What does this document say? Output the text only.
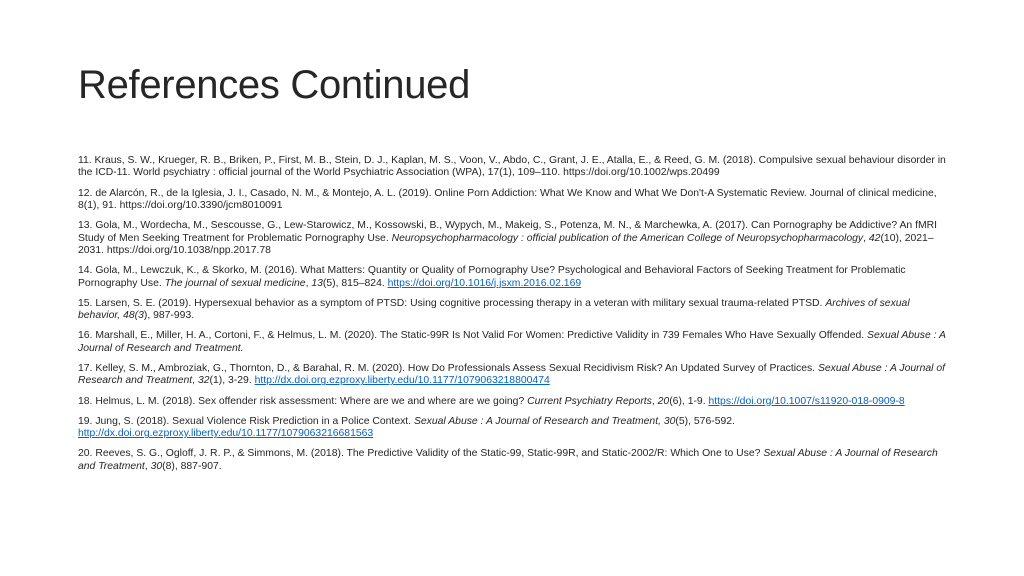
References Continued

11. Kraus, S. W., Krueger, R. B., Briken, P., First, M. B., Stein, D. J., Kaplan, M. S., Voon, V., Abdo, C., Grant, J. E., Atalla, E., & Reed, G. M. (2018). Compulsive sexual behaviour disorder in the ICD-11. World psychiatry : official journal of the World Psychiatric Association (WPA), 17(1), 109–110. https://doi.org/10.1002/wps.20499

12. de Alarcón, R., de la Iglesia, J. I., Casado, N. M., & Montejo, A. L. (2019). Online Porn Addiction: What We Know and What We Don't-A Systematic Review. Journal of clinical medicine, 8(1), 91. https://doi.org/10.3390/jcm8010091

13. Gola, M., Wordecha, M., Sescousse, G., Lew-Starowicz, M., Kossowski, B., Wypych, M., Makeig, S., Potenza, M. N., & Marchewka, A. (2017). Can Pornography be Addictive? An fMRI Study of Men Seeking Treatment for Problematic Pornography Use. Neuropsychopharmacology : official publication of the American College of Neuropsychopharmacology, 42(10), 2021–2031. https://doi.org/10.1038/npp.2017.78

14. Gola, M., Lewczuk, K., & Skorko, M. (2016). What Matters: Quantity or Quality of Pornography Use? Psychological and Behavioral Factors of Seeking Treatment for Problematic Pornography Use. The journal of sexual medicine, 13(5), 815–824. https://doi.org/10.1016/j.jsxm.2016.02.169

15. Larsen, S. E. (2019). Hypersexual behavior as a symptom of PTSD: Using cognitive processing therapy in a veteran with military sexual trauma-related PTSD. Archives of sexual behavior, 48(3), 987-993.

16. Marshall, E., Miller, H. A., Cortoni, F., & Helmus, L. M. (2020). The Static-99R Is Not Valid For Women: Predictive Validity in 739 Females Who Have Sexually Offended. Sexual Abuse : A Journal of Research and Treatment.

17. Kelley, S. M., Ambroziak, G., Thornton, D., & Barahal, R. M. (2020). How Do Professionals Assess Sexual Recidivism Risk? An Updated Survey of Practices. Sexual Abuse : A Journal of Research and Treatment, 32(1), 3-29. http://dx.doi.org.ezproxy.liberty.edu/10.1177/1079063218800474

18. Helmus, L. M. (2018). Sex offender risk assessment: Where are we and where are we going? Current Psychiatry Reports, 20(6), 1-9. https://doi.org/10.1007/s11920-018-0909-8

19. Jung, S. (2018). Sexual Violence Risk Prediction in a Police Context. Sexual Abuse : A Journal of Research and Treatment, 30(5), 576-592. http://dx.doi.org.ezproxy.liberty.edu/10.1177/1079063216681563

20. Reeves, S. G., Ogloff, J. R. P., & Simmons, M. (2018). The Predictive Validity of the Static-99, Static-99R, and Static-2002/R: Which One to Use? Sexual Abuse : A Journal of Research and Treatment, 30(8), 887-907.
